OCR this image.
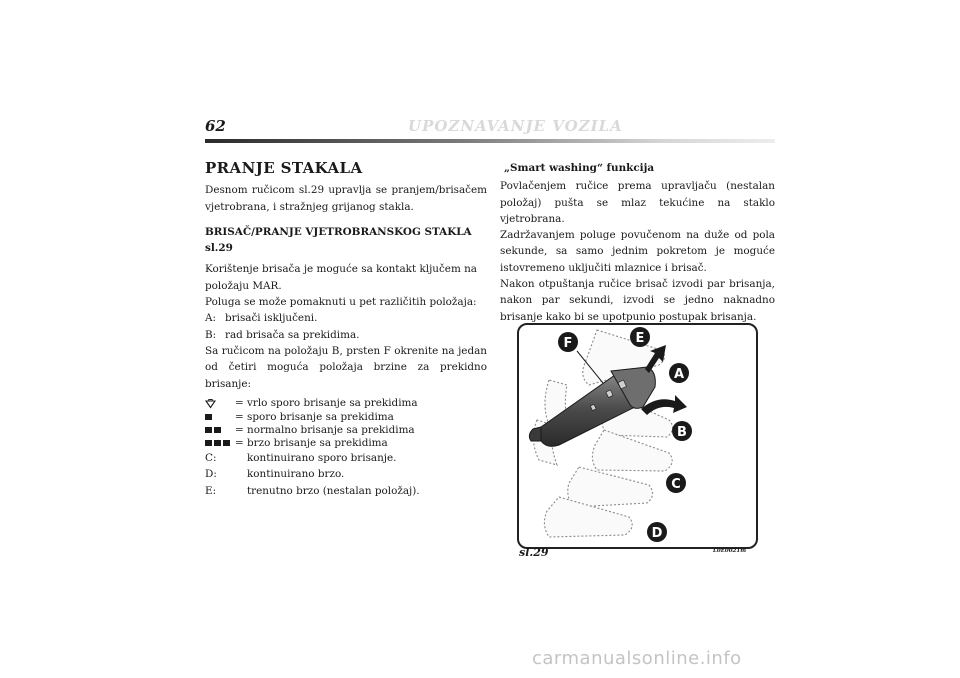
62	UPOZNAVANJE VOZILA
PRANJE STAKALA

Desnom ručicom sl.29 upravlja se pranjem/brisačem vjetrobrana, i stražnjeg grijanog stakla.

BRISAČ/PRANJE VJETROBRANSKOG STAKLA sl.29

Korištenje brisača je moguće sa kontakt ključem na položaju MAR.

Poluga se može pomaknuti u pet različitih položaja:

A: brisači isključeni.
B: rad brisača sa prekidima.

Sa ručicom na položaju B, prsten F okrenite na jedan od četiri moguća položaja brzine za prekidno brisanje:

= vrlo sporo brisanje sa prekidima
= sporo brisanje sa prekidima
= normalno brisanje sa prekidima
= brzo brisanje sa prekidima
C:	kontinuirano sporo brisanje.
D:	kontinuirano brzo.
E:	trenutno brzo (nestalan položaj).

„Smart washing“ funkcija

Povlačenjem ručice prema upravljaču (nestalan položaj) pušta se mlaz tekućine na staklo vjetrobrana.

Zadržavanjem poluge povučenom na duže od pola sekunde, sa samo jednim pokretom je moguće istovremeno uključiti mlaznice i brisač.

Nakon otpuštanja ručice brisač izvodi par brisanja, nakon par sekundi, izvodi se jedno naknadno brisanje kako bi se upotpunio postupak brisanja.

F	E
A
B
C
D
sl.29	L0E0021m
carmanualsonline.info
